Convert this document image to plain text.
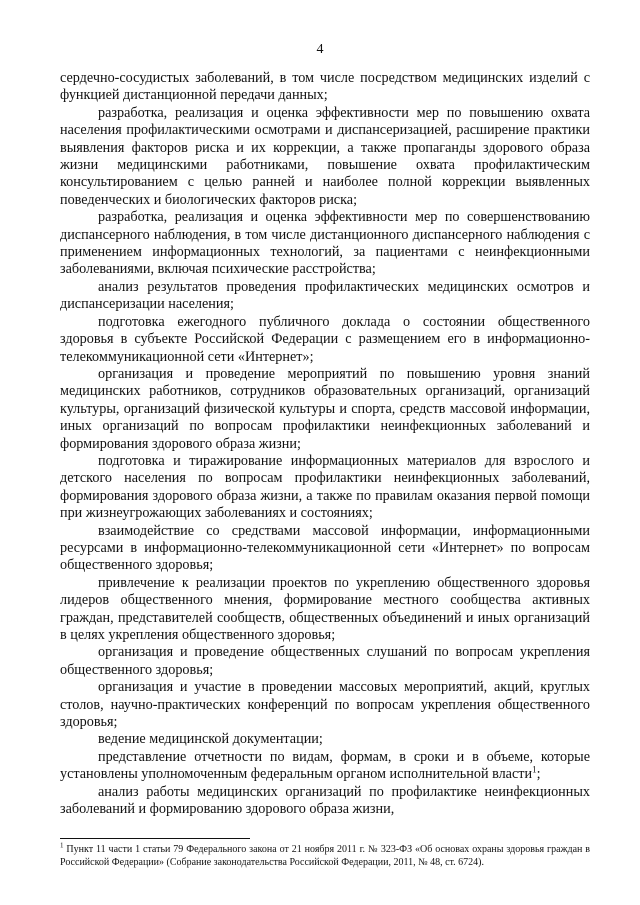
4

сердечно-сосудистых заболеваний, в том числе посредством медицинских изделий с функцией дистанционной передачи данных;

разработка, реализация и оценка эффективности мер по повышению охвата населения профилактическими осмотрами и диспансеризацией, расширение практики выявления факторов риска и их коррекции, а также пропаганды здорового образа жизни медицинскими работниками, повышение охвата профилактическим консультированием с целью ранней и наиболее полной коррекции выявленных поведенческих и биологических факторов риска;

разработка, реализация и оценка эффективности мер по совершенствованию диспансерного наблюдения, в том числе дистанционного диспансерного наблюдения с применением информационных технологий, за пациентами с неинфекционными заболеваниями, включая психические расстройства;

анализ результатов проведения профилактических медицинских осмотров и диспансеризации населения;

подготовка ежегодного публичного доклада о состоянии общественного здоровья в субъекте Российской Федерации с размещением его в информационно-телекоммуникационной сети «Интернет»;

организация и проведение мероприятий по повышению уровня знаний медицинских работников, сотрудников образовательных организаций, организаций культуры, организаций физической культуры и спорта, средств массовой информации, иных организаций по вопросам профилактики неинфекционных заболеваний и формирования здорового образа жизни;

подготовка и тиражирование информационных материалов для взрослого и детского населения по вопросам профилактики неинфекционных заболеваний, формирования здорового образа жизни, а также по правилам оказания первой помощи при жизнеугрожающих заболеваниях и состояниях;

взаимодействие со средствами массовой информации, информационными ресурсами в информационно-телекоммуникационной сети «Интернет» по вопросам общественного здоровья;

привлечение к реализации проектов по укреплению общественного здоровья лидеров общественного мнения, формирование местного сообщества активных граждан, представителей сообществ, общественных объединений и иных организаций в целях укрепления общественного здоровья;

организация и проведение общественных слушаний по вопросам укрепления общественного здоровья;

организация и участие в проведении массовых мероприятий, акций, круглых столов, научно-практических конференций по вопросам укрепления общественного здоровья;

ведение медицинской документации;

представление отчетности по видам, формам, в сроки и в объеме, которые установлены уполномоченным федеральным органом исполнительной власти$^1$;

анализ работы медицинских организаций по профилактике неинфекционных заболеваний и формированию здорового образа жизни,

$^1$ Пункт 11 части 1 статьи 79 Федерального закона от 21 ноября 2011 г. № 323-ФЗ «Об основах охраны здоровья граждан в Российской Федерации» (Собрание законодательства Российской Федерации, 2011, № 48, ст. 6724).
